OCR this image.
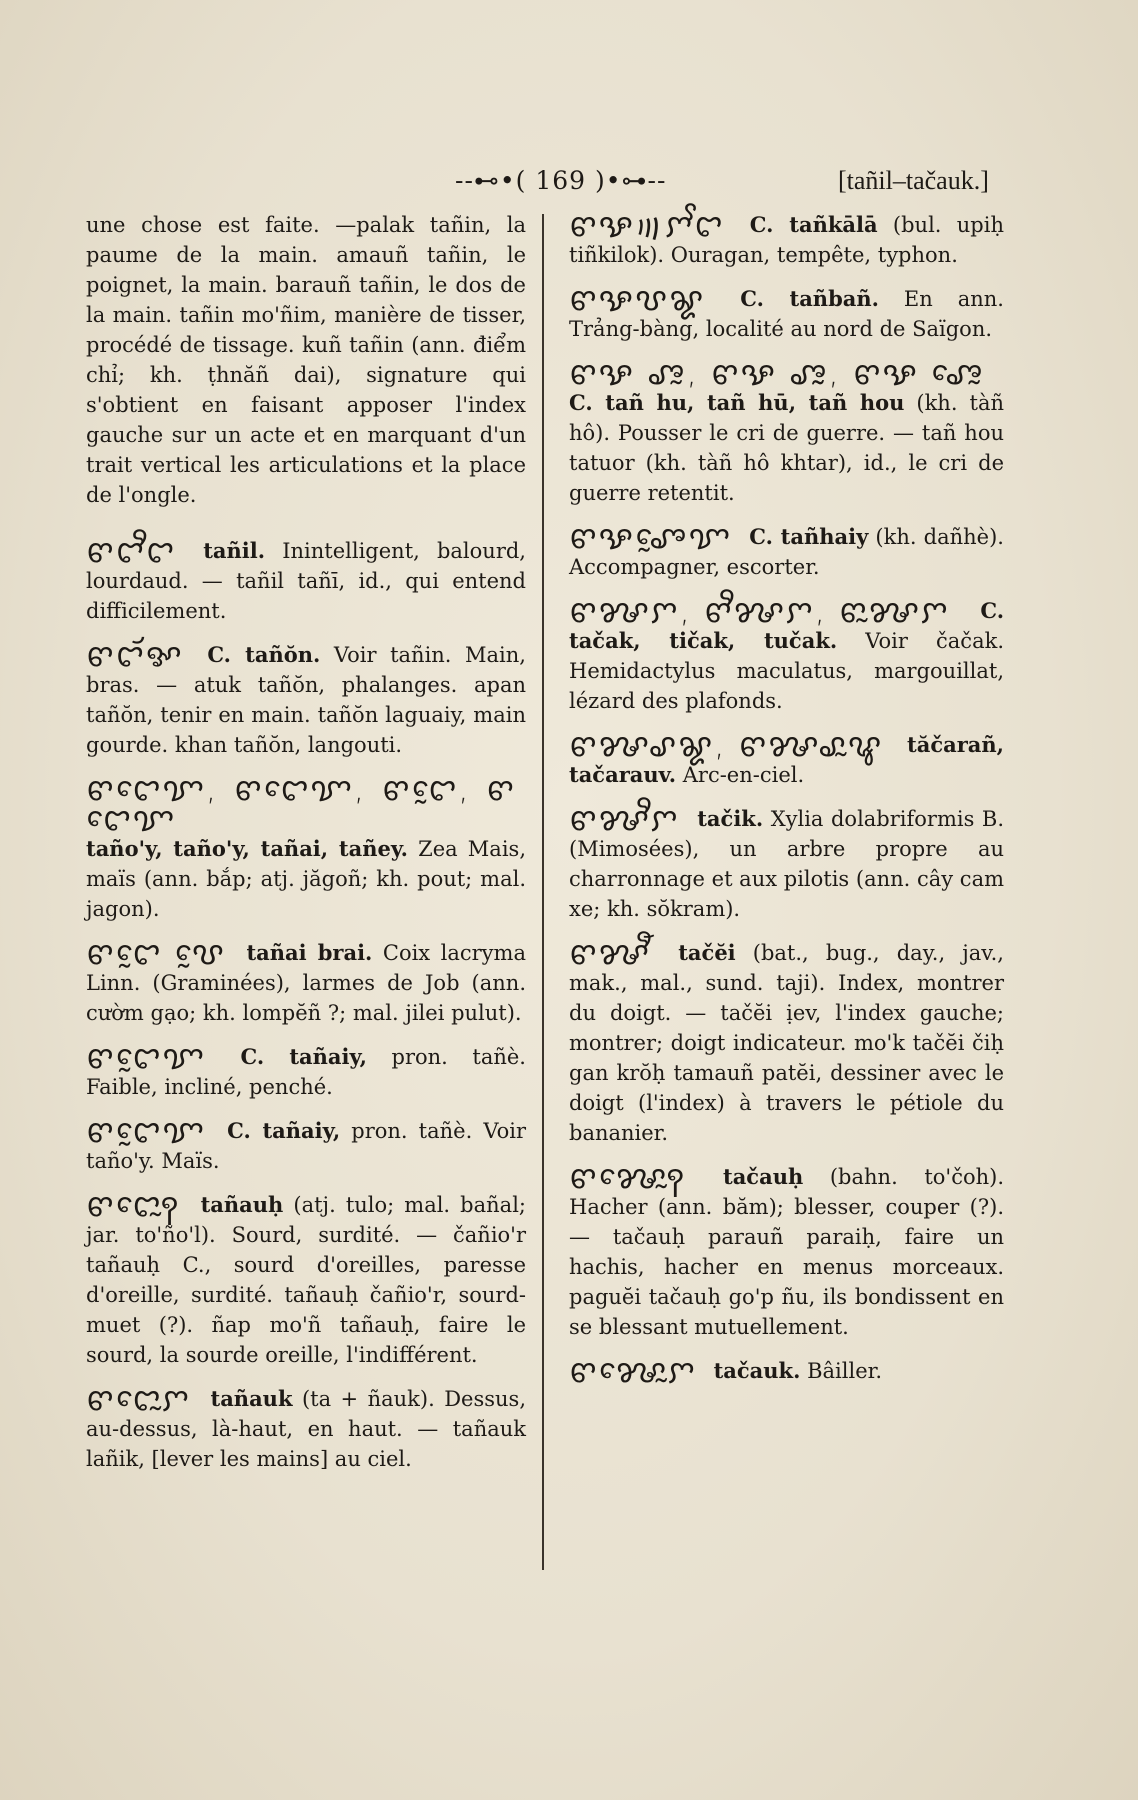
--⊷•( 169 )•⊶--	[tañil–tačauk.]

une chose est faite. —palak tañin, la paume de la main. amauñ tañin, le poignet, la main. barauñ tañin, le dos de la main. tañin mo'ñim, manière de tisser, procédé de tissage. kuñ tañin (ann. điểm chỉ; kh. ṭhnăñ dai), signature qui s'obtient en faisant apposer l'index gauche sur un acte et en marquant d'un trait vertical les articulations et la place de l'ongle.

ꨓꨤꨪꨤ tañil. Inintelligent, balourd, lourdaud. — tañil tañī, id., qui entend difficilement.

ꨓꨤꨮꨀ C. tañŏn. Voir tañin. Main, bras. — atuk tañŏn, phalanges. apan tañŏn, tenir en main. tañŏn laguaiy, main gourde. khan tañŏn, langouti.

ꨓꨤꨯꨢ, ꨓꨤꨯꨢ, ꨓꨤꨰ, ꨓꨤꨯꨢ taño'y, taño'y, tañai, tañey. Zea Mais, maïs (ann. bắp; atj. jăgoñ; kh. pout; mal. jagon).

ꨓꨤꨰ ꨝꨰ tañai brai. Coix lacryma Linn. (Graminées), larmes de Job (ann. cườm gạo; kh. lompĕñ ?; mal. jilei pulut).

ꨓꨤꨰꨢ C. tañaiy, pron. tañè. Faible, incliné, penché.

ꨓꨤꨰꨢ C. tañaiy, pron. tañè. Voir taño'y. Maïs.

ꨓꨤꨯꨭꩍ tañauḥ (atj. tulo; mal. bañal; jar. to'ño'l). Sourd, surdité. — čañio'r tañauḥ C., sourd d'oreilles, paresse d'oreille, surdité. tañauḥ čañio'r, sourd-muet (?). ñap mo'ñ tañauḥ, faire le sourd, la sourde oreille, l'indifférent.

ꨓꨤꨯꨭꨆ tañauk (ta + ñauk). Dessus, au-dessus, là-haut, en haut. — tañauk lañik, [lever les mains] au ciel.

ꨓꨊ꩟ꨆꨩꨤ C. tañkālā (bul. upiḥ tiñkilok). Ouragan, tempête, typhon.

ꨓꨊꨝꨘ C. tañbañ. En ann. Trảng-bàng, localité au nord de Saïgon.

ꨓꨊ ꨨꨭ, ꨓꨊ ꨨꨭꨭ, ꨓꨊ ꨨꨯꨭ C. tañ hu, tañ hū, tañ hou (kh. tàñ hô). Pousser le cri de guerre. — tañ hou tatuor (kh. tàñ hô khtar), id., le cri de guerre retentit.

ꨓꨊꨨꨰꨢ C. tañhaiy (kh. dañhè). Accompagner, escorter.

ꨓꨍꨆ, ꨓꨪꨍꨆ, ꨓꨭꨍꨆ C. tačak, tičak, tučak. Voir čačak. Hemidactylus maculatus, margouillat, lézard des plafonds.

ꨓꨍꨣꨘ, ꨓꨍꨣꨭꨥ tăčarañ, tačarauv. Arc-en-ciel.

ꨓꨍꨪꨆ tačik. Xylia dolabriformis B. (Mimosées), un arbre propre au charronnage et aux pilotis (ann. cây cam xe; kh. sŏkram).

ꨓꨍꨬ tačĕi (bat., bug., day., jav., mak., mal., sund. taji). Index, montrer du doigt. — tačĕi ịev, l'index gauche; montrer; doigt indicateur. mo'k tačĕi čiḥ gan krŏḥ tamauñ patĕi, dessiner avec le doigt (l'index) à travers le pétiole du bananier.

ꨓꨍꨯꨭꩍ tačauḥ (bahn. to'čoh). Hacher (ann. băm); blesser, couper (?). — tačauḥ parauñ paraiḥ, faire un hachis, hacher en menus morceaux. paguĕi tačauḥ go'p ñu, ils bondissent en se blessant mutuellement.

ꨓꨍꨯꨭꨆ tačauk. Bâiller.
